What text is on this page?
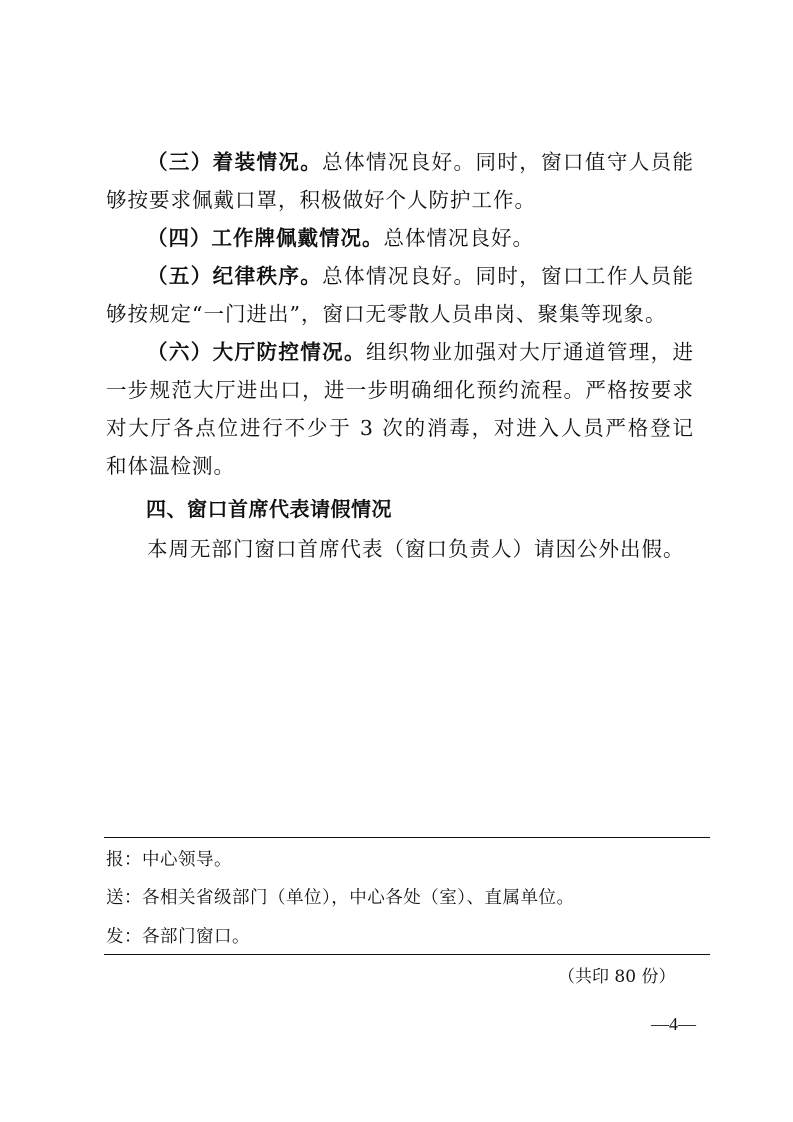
（三）着装情况。总体情况良好。同时，窗口值守人员能够按要求佩戴口罩，积极做好个人防护工作。

（四）工作牌佩戴情况。总体情况良好。

（五）纪律秩序。总体情况良好。同时，窗口工作人员能够按规定“一门进出”，窗口无零散人员串岗、聚集等现象。

（六）大厅防控情况。组织物业加强对大厅通道管理，进一步规范大厅进出口，进一步明确细化预约流程。严格按要求对大厅各点位进行不少于 3 次的消毒，对进入人员严格登记和体温检测。

四、窗口首席代表请假情况

本周无部门窗口首席代表（窗口负责人）请因公外出假。

报：中心领导。

送：各相关省级部门（单位），中心各处（室）、直属单位。

发：各部门窗口。

（共印 80 份）

—4—
